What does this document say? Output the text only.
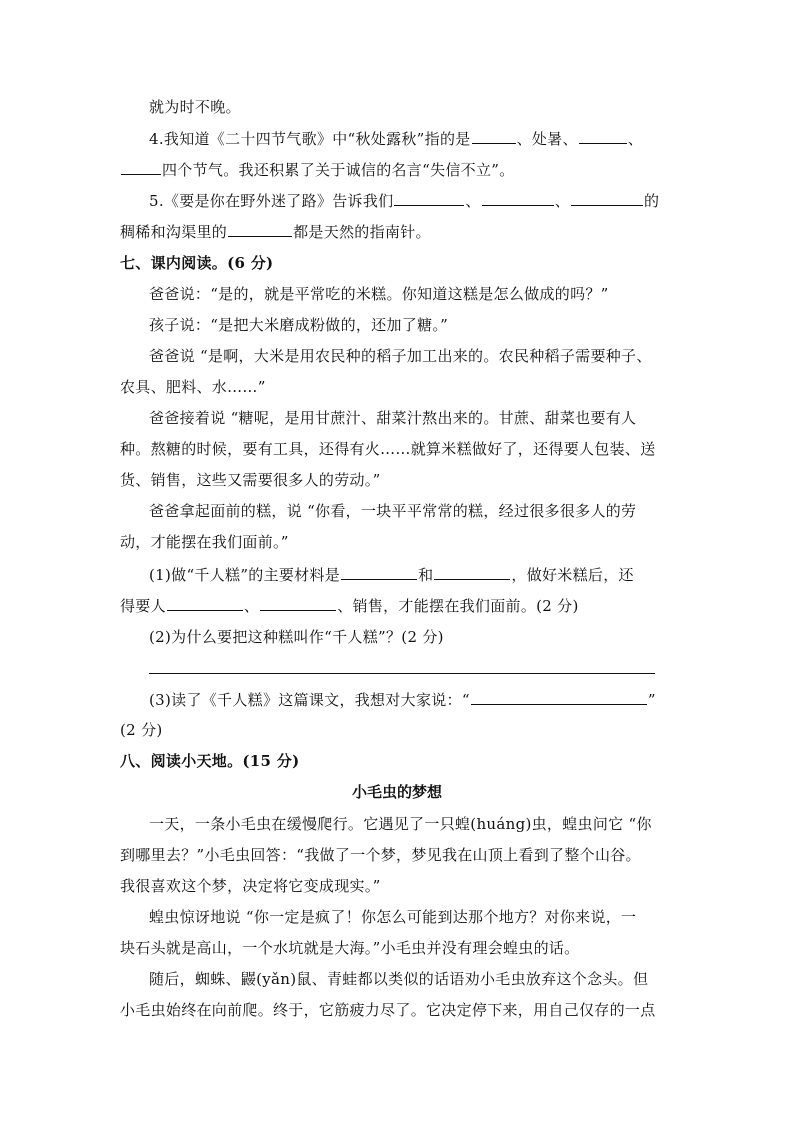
就为时不晚。
4.我知道《二十四节气歌》中“秋处露秋”指的是	、处暑、	、
四个节气。我还积累了关于诚信的名言“失信不立”。
5.《要是你在野外迷了路》告诉我们	、	、	的
稠稀和沟渠里的	都是天然的指南针。
七、课内阅读。(6 分)
爸爸说：“是的，就是平常吃的米糕。你知道这糕是怎么做成的吗？”
孩子说：“是把大米磨成粉做的，还加了糖。”
爸爸说 “是啊，大米是用农民种的稻子加工出来的。农民种稻子需要种子、
农具、肥料、水……”
爸爸接着说 “糖呢，是用甘蔗汁、甜菜汁熬出来的。甘蔗、甜菜也要有人
种。熬糖的时候，要有工具，还得有火……就算米糕做好了，还得要人包装、送
货、销售，这些又需要很多人的劳动。”
爸爸拿起面前的糕，说 “你看，一块平平常常的糕，经过很多很多人的劳
动，才能摆在我们面前。”
(1)做“千人糕”的主要材料是	和	，做好米糕后，还
得要人	、	、销售，才能摆在我们面前。(2 分)
(2)为什么要把这种糕叫作“千人糕”？(2 分)
(3)读了《千人糕》这篇课文，我想对大家说：“	”
(2 分)
八、阅读小天地。(15 分)
小毛虫的梦想
一天，一条小毛虫在缓慢爬行。它遇见了一只蝗(huáng)虫，蝗虫问它 “你
到哪里去？”小毛虫回答：“我做了一个梦，梦见我在山顶上看到了整个山谷。
我很喜欢这个梦，决定将它变成现实。”
蝗虫惊讶地说 “你一定是疯了！你怎么可能到达那个地方？对你来说，一
块石头就是高山，一个水坑就是大海。”小毛虫并没有理会蝗虫的话。
随后，蜘蛛、鼹(yǎn)鼠、青蛙都以类似的话语劝小毛虫放弃这个念头。但
小毛虫始终在向前爬。终于，它筋疲力尽了。它决定停下来，用自己仅存的一点
